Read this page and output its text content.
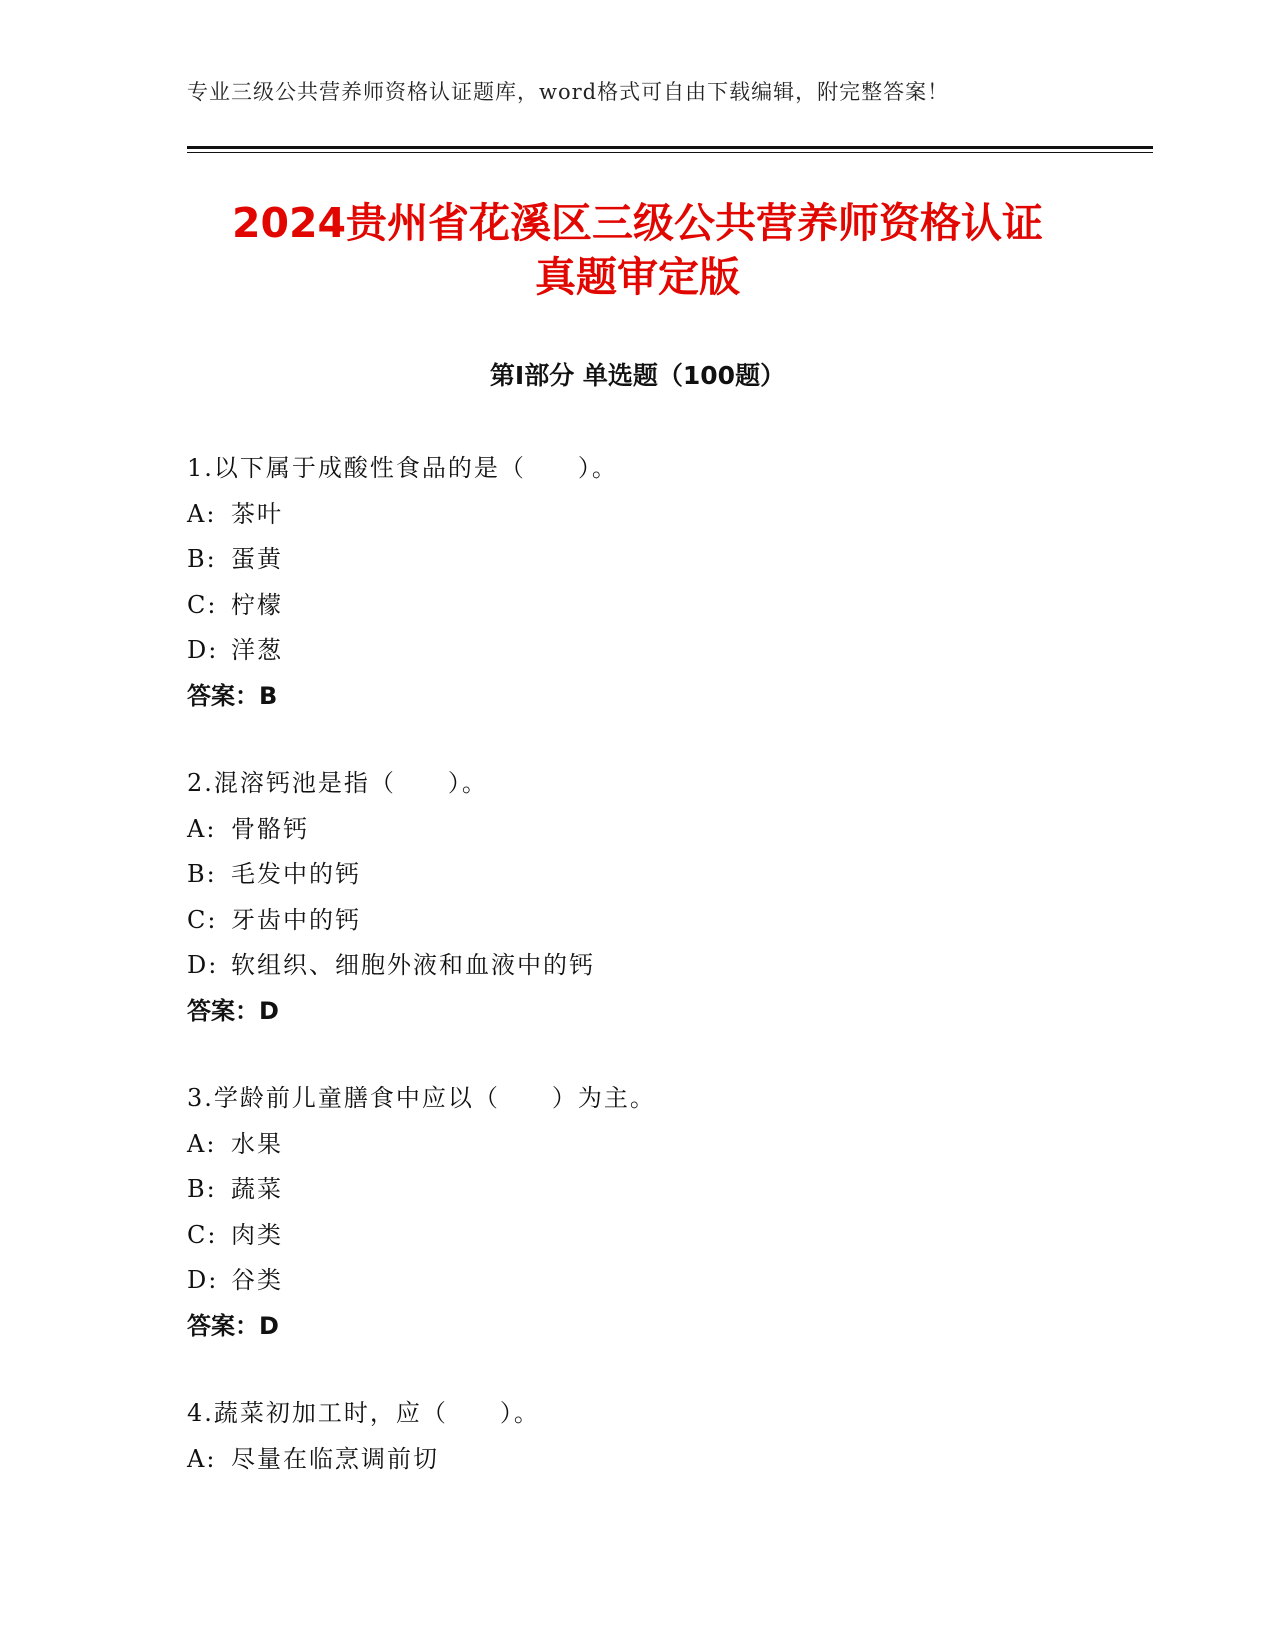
专业三级公共营养师资格认证题库，word格式可自由下载编辑，附完整答案！
2024贵州省花溪区三级公共营养师资格认证
真题审定版
第Ⅰ部分 单选题（100题）
1.以下属于成酸性食品的是（　　）。
A: 茶叶
B: 蛋黄
C: 柠檬
D: 洋葱
答案：B
2.混溶钙池是指（　　）。
A: 骨骼钙
B: 毛发中的钙
C: 牙齿中的钙
D: 软组织、细胞外液和血液中的钙
答案：D
3.学龄前儿童膳食中应以（　　）为主。
A: 水果
B: 蔬菜
C: 肉类
D: 谷类
答案：D
4.蔬菜初加工时，应（　　）。
A: 尽量在临烹调前切
